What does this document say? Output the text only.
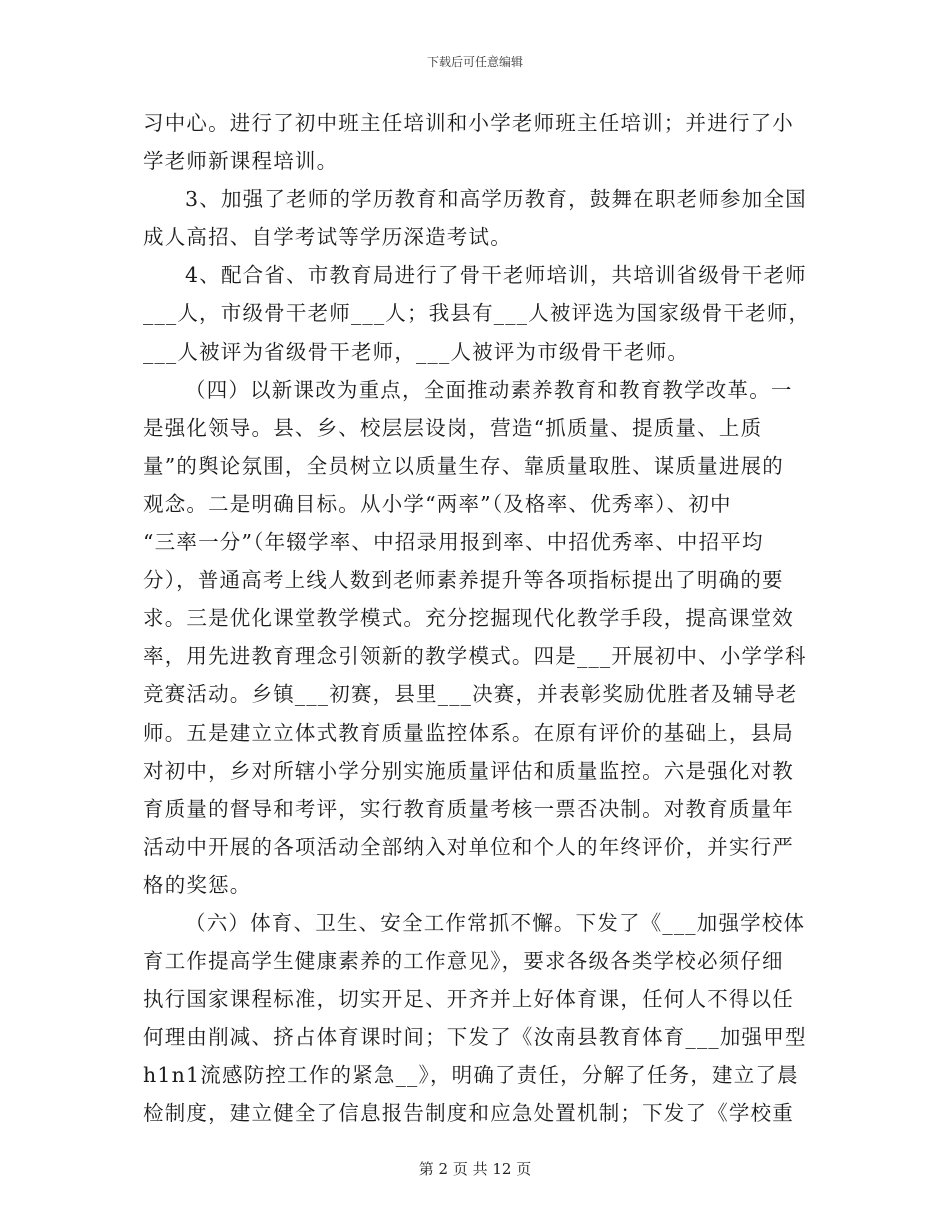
下载后可任意编辑
习中心。进行了初中班主任培训和小学老师班主任培训；并进行了小
学老师新课程培训。
3、加强了老师的学历教育和高学历教育，鼓舞在职老师参加全国
成人高招、自学考试等学历深造考试。
4、配合省、市教育局进行了骨干老师培训，共培训省级骨干老师
___人，市级骨干老师___人；我县有___人被评选为国家级骨干老师，
___人被评为省级骨干老师，___人被评为市级骨干老师。
（四）以新课改为重点，全面推动素养教育和教育教学改革。一
是强化领导。县、乡、校层层设岗，营造“抓质量、提质量、上质
量”的舆论氛围，全员树立以质量生存、靠质量取胜、谋质量进展的
观念。二是明确目标。从小学“两率”（及格率、优秀率）、初中
“三率一分”（年辍学率、中招录用报到率、中招优秀率、中招平均
分），普通高考上线人数到老师素养提升等各项指标提出了明确的要
求。三是优化课堂教学模式。充分挖掘现代化教学手段，提高课堂效
率，用先进教育理念引领新的教学模式。四是___开展初中、小学学科
竞赛活动。乡镇___初赛，县里___决赛，并表彰奖励优胜者及辅导老
师。五是建立立体式教育质量监控体系。在原有评价的基础上，县局
对初中，乡对所辖小学分别实施质量评估和质量监控。六是强化对教
育质量的督导和考评，实行教育质量考核一票否决制。对教育质量年
活动中开展的各项活动全部纳入对单位和个人的年终评价，并实行严
格的奖惩。
（六）体育、卫生、安全工作常抓不懈。下发了《___加强学校体
育工作提高学生健康素养的工作意见》，要求各级各类学校必须仔细
执行国家课程标准，切实开足、开齐并上好体育课，任何人不得以任
何理由削减、挤占体育课时间；下发了《汝南县教育体育___加强甲型
h1n1流感防控工作的紧急__》，明确了责任，分解了任务，建立了晨
检制度，建立健全了信息报告制度和应急处置机制；下发了《学校重
第 2 页 共 12 页
